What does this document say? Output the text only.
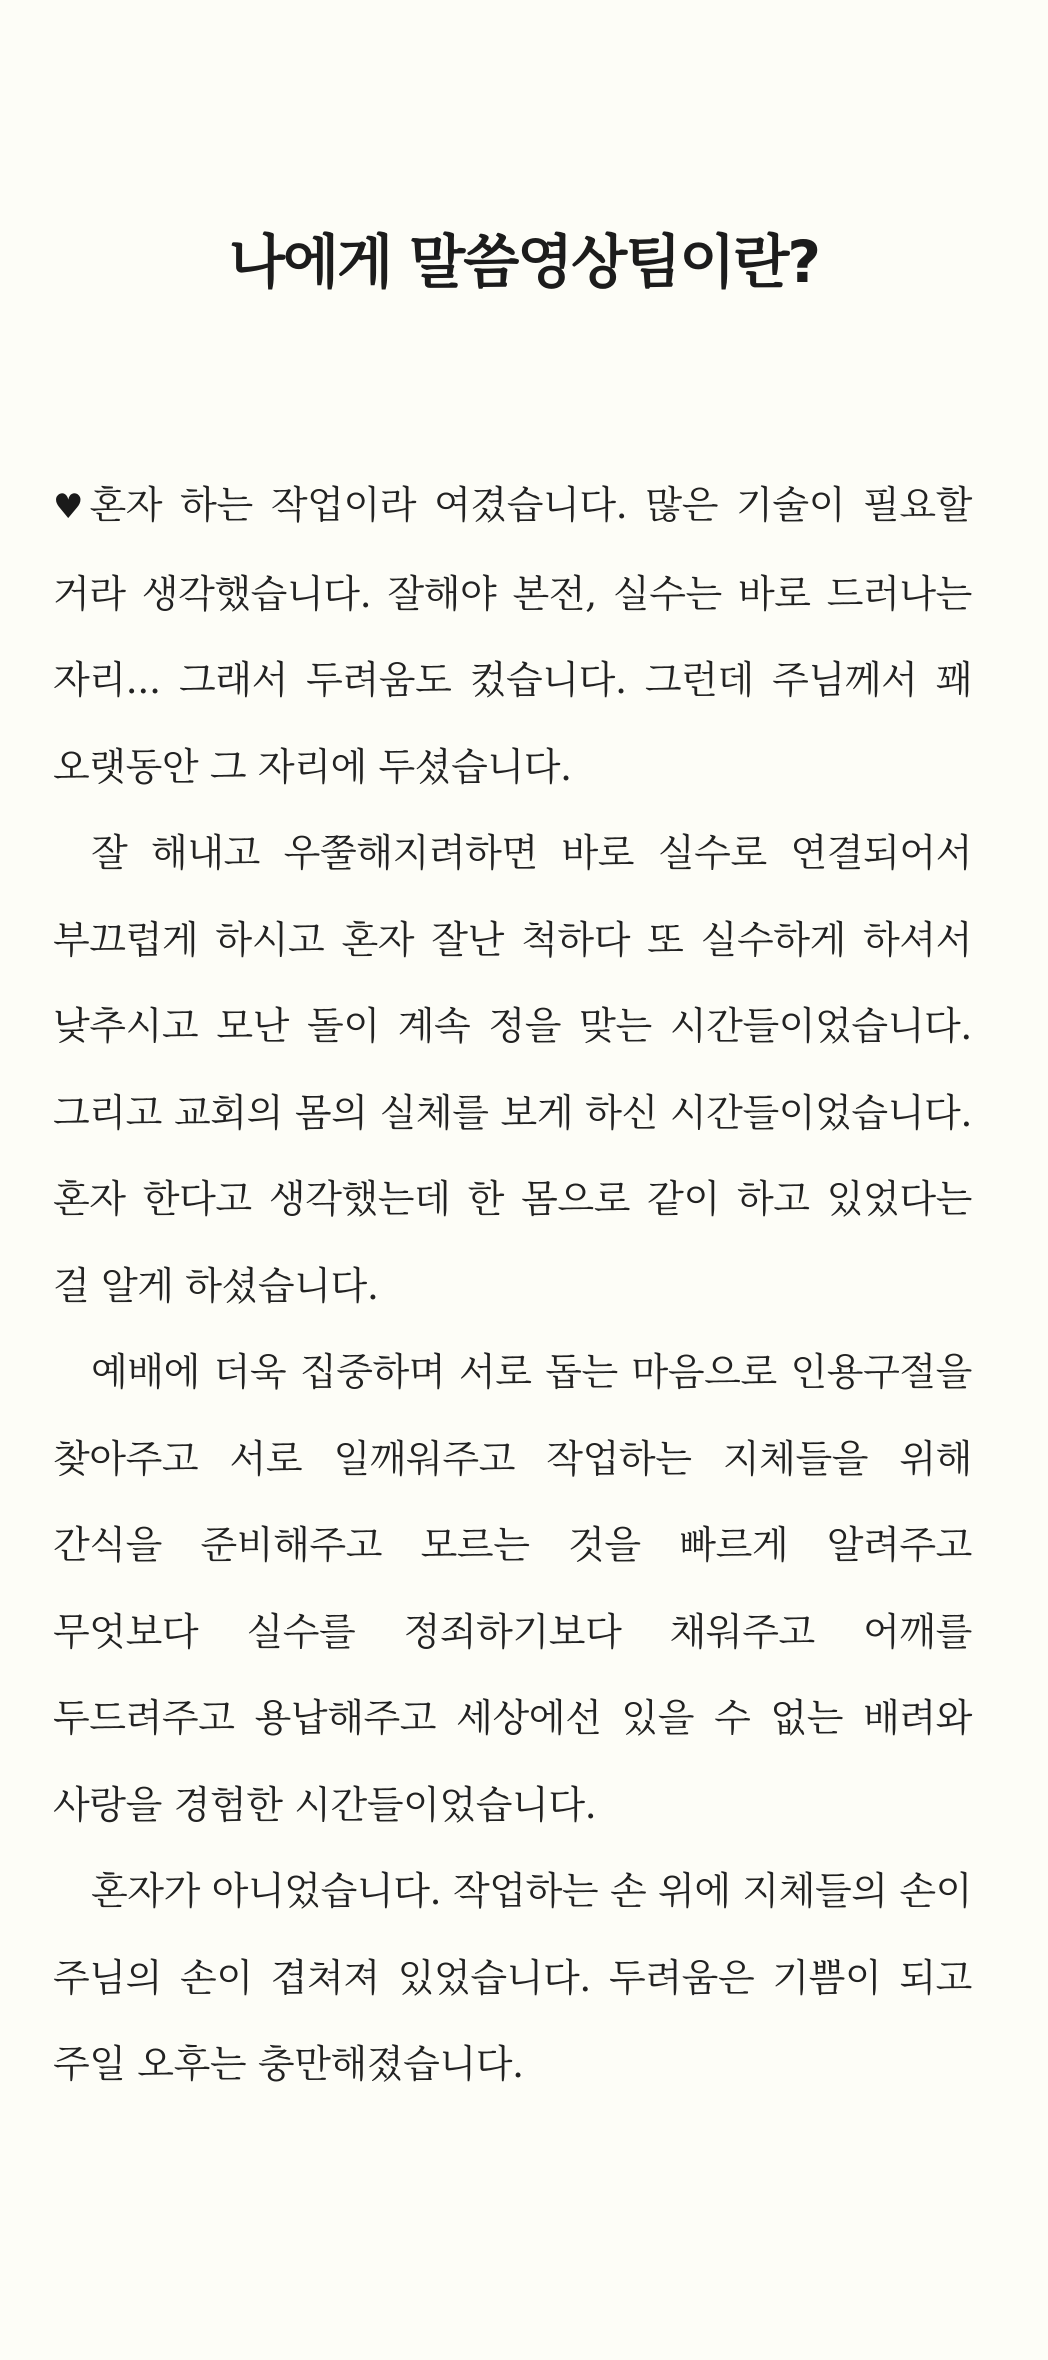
나에게 말씀영상팀이란?

♥혼자 하는 작업이라 여겼습니다. 많은 기술이 필요할 거라 생각했습니다. 잘해야 본전, 실수는 바로 드러나는 자리... 그래서 두려움도 컸습니다. 그런데 주님께서 꽤 오랫동안 그 자리에 두셨습니다.

잘 해내고 우쭐해지려하면 바로 실수로 연결되어서 부끄럽게 하시고 혼자 잘난 척하다 또 실수하게 하셔서 낮추시고 모난 돌이 계속 정을 맞는 시간들이었습니다. 그리고 교회의 몸의 실체를 보게 하신 시간들이었습니다. 혼자 한다고 생각했는데 한 몸으로 같이 하고 있었다는 걸 알게 하셨습니다.

예배에 더욱 집중하며 서로 돕는 마음으로 인용구절을 찾아주고 서로 일깨워주고 작업하는 지체들을 위해 간식을 준비해주고 모르는 것을 빠르게 알려주고 무엇보다 실수를 정죄하기보다 채워주고 어깨를 두드려주고 용납해주고 세상에선 있을 수 없는 배려와 사랑을 경험한 시간들이었습니다.

혼자가 아니었습니다. 작업하는 손 위에 지체들의 손이 주님의 손이 겹쳐져 있었습니다. 두려움은 기쁨이 되고 주일 오후는 충만해졌습니다.
